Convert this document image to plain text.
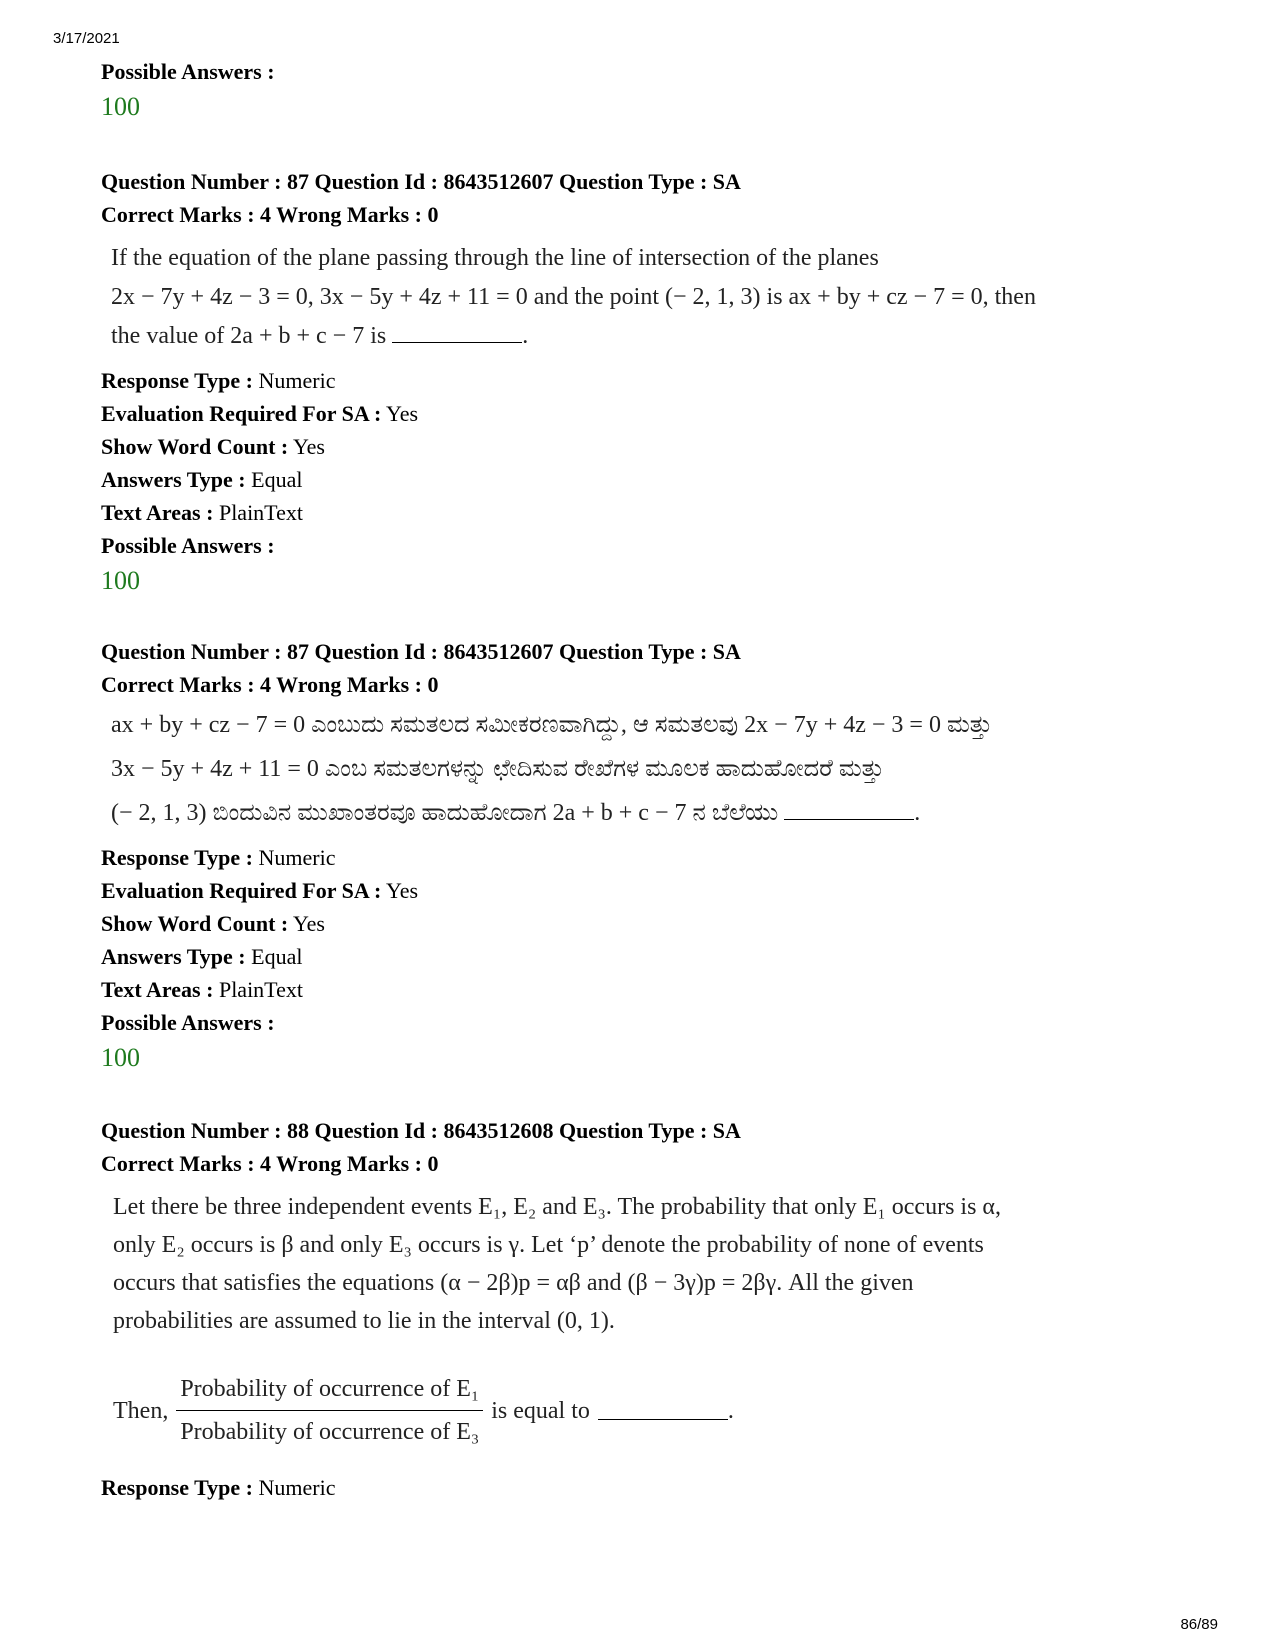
3/17/2021
Possible Answers :
100
Question Number : 87 Question Id : 8643512607 Question Type : SA
Correct Marks : 4 Wrong Marks : 0
If the equation of the plane passing through the line of intersection of the planes
2x − 7y + 4z − 3 = 0, 3x − 5y + 4z + 11 = 0 and the point (− 2, 1, 3) is ax + by + cz − 7 = 0, then
the value of 2a + b + c − 7 is	.
Response Type : Numeric
Evaluation Required For SA : Yes
Show Word Count : Yes
Answers Type : Equal
Text Areas : PlainText
Possible Answers :
100
Question Number : 87 Question Id : 8643512607 Question Type : SA
Correct Marks : 4 Wrong Marks : 0
ax + by + cz − 7 = 0 ಎಂಬುದು ಸಮತಲದ ಸಮೀಕರಣವಾಗಿದ್ದು, ಆ ಸಮತಲವು 2x − 7y + 4z − 3 = 0 ಮತ್ತು
3x − 5y + 4z + 11 = 0 ಎಂಬ ಸಮತಲಗಳನ್ನು ಛೇದಿಸುವ ರೇಖೆಗಳ ಮೂಲಕ ಹಾದುಹೋದರೆ ಮತ್ತು
(− 2, 1, 3) ಬಿಂದುವಿನ ಮುಖಾಂತರವೂ ಹಾದುಹೋದಾಗ 2a + b + c − 7 ನ ಬೆಲೆಯು	.
Response Type : Numeric
Evaluation Required For SA : Yes
Show Word Count : Yes
Answers Type : Equal
Text Areas : PlainText
Possible Answers :
100
Question Number : 88 Question Id : 8643512608 Question Type : SA
Correct Marks : 4 Wrong Marks : 0
Let there be three independent events E₁, E₂ and E₃. The probability that only E₁ occurs is α,
only E₂ occurs is β and only E₃ occurs is γ. Let ‘p’ denote the probability of none of events
occurs that satisfies the equations (α − 2β)p = αβ and (β − 3γ)p = 2βγ. All the given
probabilities are assumed to lie in the interval (0, 1).
Then, $\frac{\text{Probability of occurrence of E₁}}{\text{Probability of occurrence of E₃}}$ is equal to	.
Response Type : Numeric
86/89
